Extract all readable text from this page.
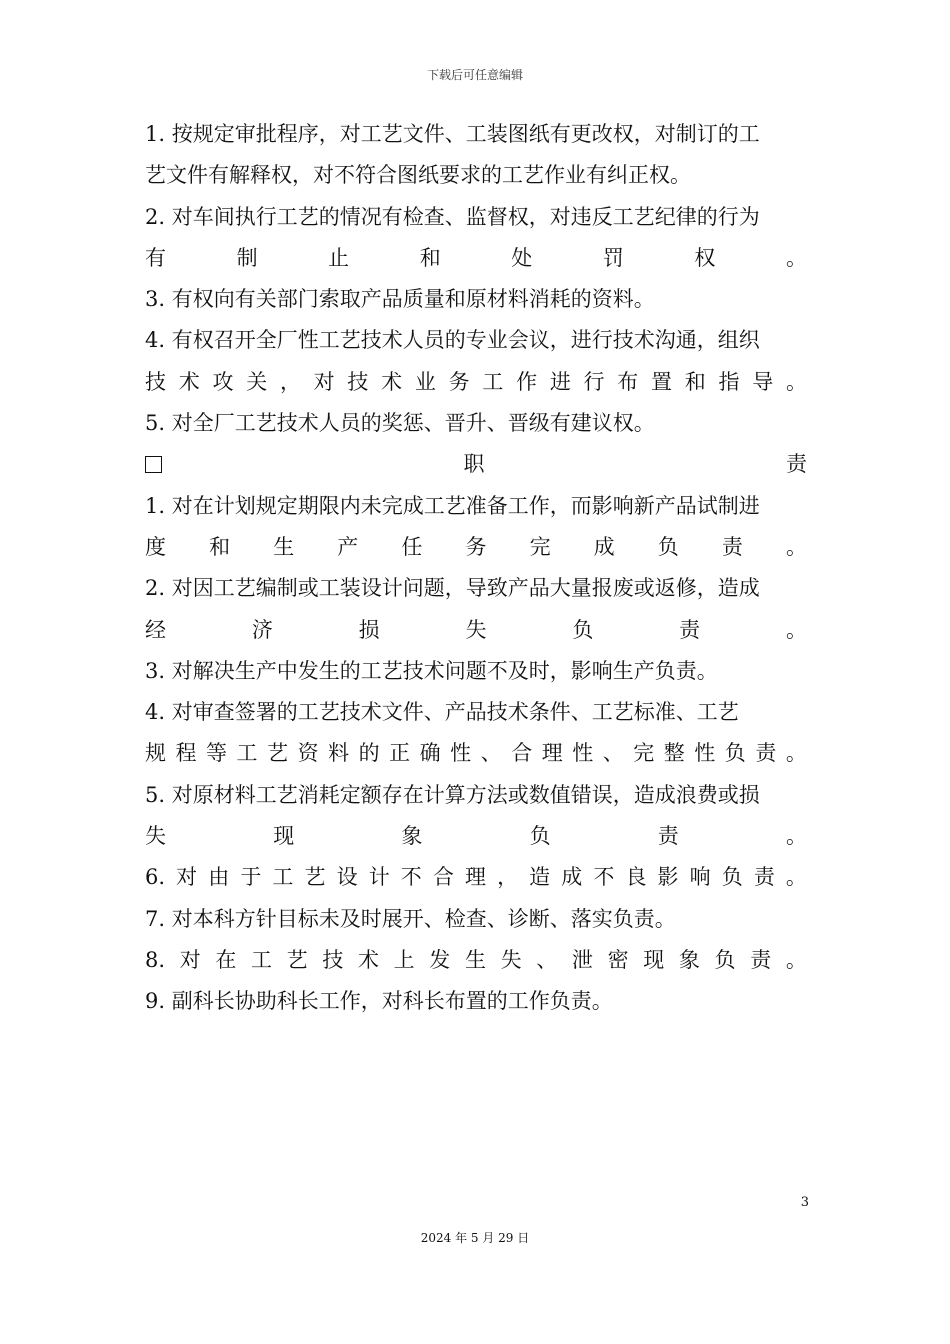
下载后可任意编辑
1. 按规定审批程序，对工艺文件、工装图纸有更改权，对制订的工
艺文件有解释权，对不符合图纸要求的工艺作业有纠正权。
2. 对车间执行工艺的情况有检查、监督权，对违反工艺纪律的行为
有	制	止	和	处	罚	权	。
3. 有权向有关部门索取产品质量和原材料消耗的资料。
4. 有权召开全厂性工艺技术人员的专业会议，进行技术沟通，组织
技 术 攻 关 ， 对 技 术 业 务 工 作 进 行 布 置 和 指 导 。
5. 对全厂工艺技术人员的奖惩、晋升、晋级有建议权。
职	责
1. 对在计划规定期限内未完成工艺准备工作，而影响新产品试制进
度 和 生 产 任 务 完 成 负 责 。
2. 对因工艺编制或工装设计问题，导致产品大量报废或返修，造成
经	济	损	失	负	责	。
3. 对解决生产中发生的工艺技术问题不及时，影响生产负责。
4. 对审查签署的工艺技术文件、产品技术条件、工艺标准、工艺
规 程 等 工 艺 资 料 的 正 确 性 、 合 理 性 、 完 整 性 负 责 。
5. 对原材料工艺消耗定额存在计算方法或数值错误，造成浪费或损
失	现	象	负	责	。
6. 对 由 于 工 艺 设 计 不 合 理 ， 造 成 不 良 影 响 负 责 。
7. 对本科方针目标未及时展开、检查、诊断、落实负责。
8. 对 在 工 艺 技 术 上 发 生 失 、 泄 密 现 象 负 责 。
9. 副科长协助科长工作，对科长布置的工作负责。
3
2024 年 5 月 29 日
